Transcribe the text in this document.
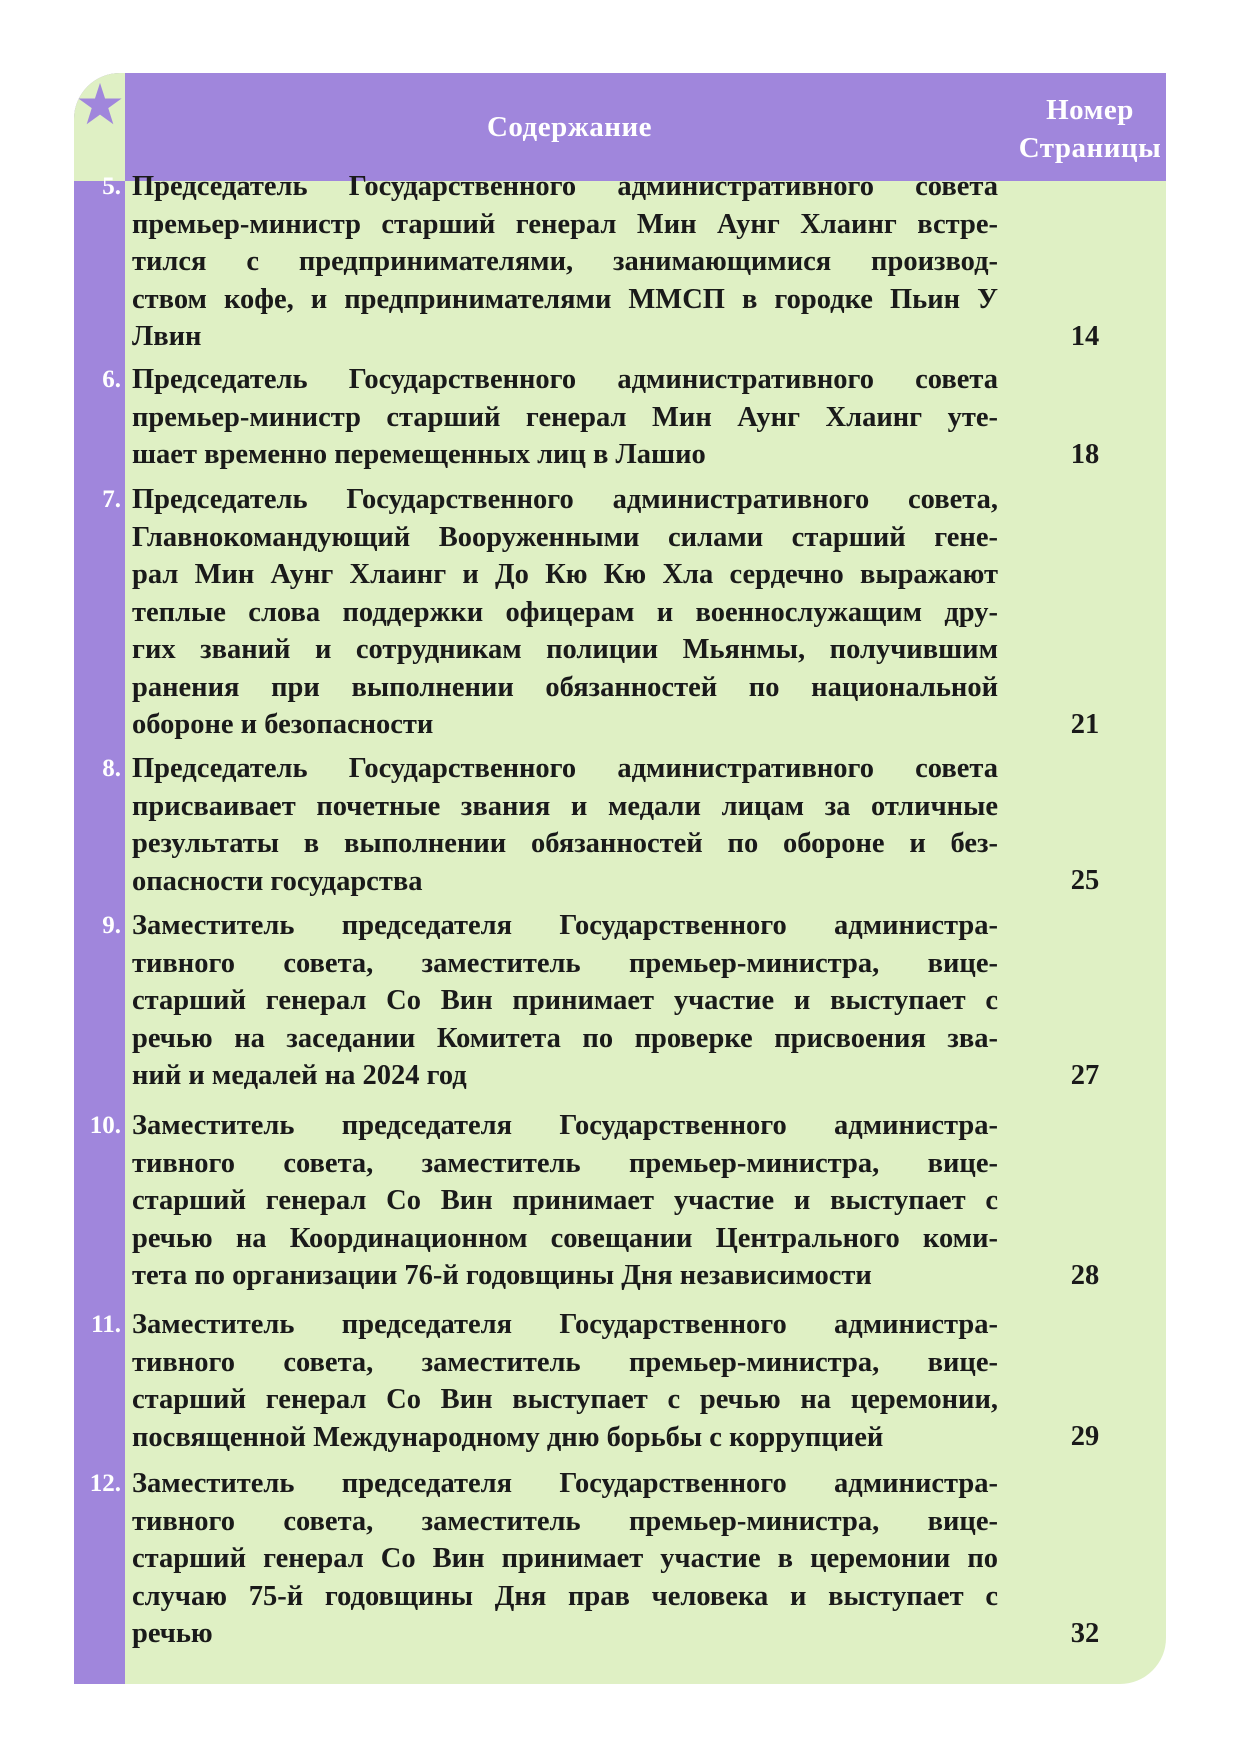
Содержание
Номер
Страницы
5. Председатель Государственного административного совета
премьер-министр старший генерал Мин Аунг Хлаинг встре-
тился с предпринимателями, занимающимися производ-
ством кофе, и предпринимателями ММСП в городке Пьин У
Лвин	14
6. Председатель Государственного административного совета
премьер-министр старший генерал Мин Аунг Хлаинг уте-
шает временно перемещенных лиц в Лашио	18
7. Председатель Государственного административного совета,
Главнокомандующий Вооруженными силами старший гене-
рал Мин Аунг Хлаинг и До Кю Кю Хла сердечно выражают
теплые слова поддержки офицерам и военнослужащим дру-
гих званий и сотрудникам полиции Мьянмы, получившим
ранения при выполнении обязанностей по национальной
обороне и безопасности	21
8. Председатель Государственного административного совета
присваивает почетные звания и медали лицам за отличные
результаты в выполнении обязанностей по обороне и без-
опасности государства	25
9. Заместитель председателя Государственного администра-
тивного совета, заместитель премьер-министра, вице-
старший генерал Со Вин принимает участие и выступает с
речью на заседании Комитета по проверке присвоения зва-
ний и медалей на 2024 год	27
10. Заместитель председателя Государственного администра-
тивного совета, заместитель премьер-министра, вице-
старший генерал Со Вин принимает участие и выступает с
речью на Координационном совещании Центрального коми-
тета по организации 76-й годовщины Дня независимости	28
11. Заместитель председателя Государственного администра-
тивного совета, заместитель премьер-министра, вице-
старший генерал Со Вин выступает с речью на церемонии,
посвященной Международному дню борьбы с коррупцией	29
12. Заместитель председателя Государственного администра-
тивного совета, заместитель премьер-министра, вице-
старший генерал Со Вин принимает участие в церемонии по
случаю 75-й годовщины Дня прав человека и выступает с
речью	32
